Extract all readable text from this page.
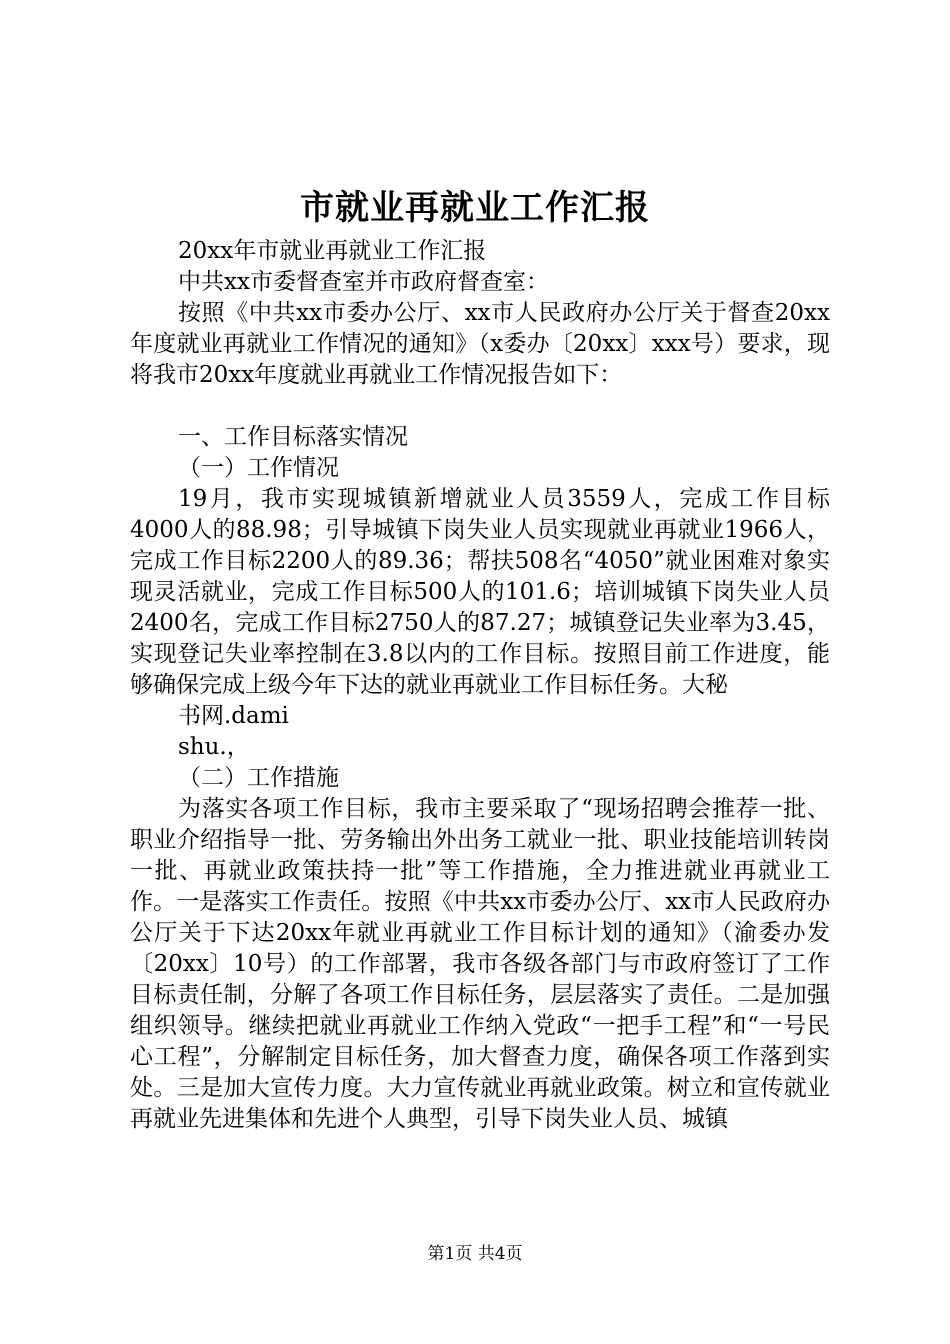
市就业再就业工作汇报

20xx年市就业再就业工作汇报

中共xx市委督查室并市政府督查室：

按照《中共xx市委办公厅、xx市人民政府办公厅关于督查20xx年度就业再就业工作情况的通知》（x委办〔20xx〕xxx号）要求，现将我市20xx年度就业再就业工作情况报告如下：

一、工作目标落实情况

（一）工作情况

19月，我市实现城镇新增就业人员3559人，完成工作目标4000人的88.98；引导城镇下岗失业人员实现就业再就业1966人，完成工作目标2200人的89.36；帮扶508名“4050”就业困难对象实现灵活就业，完成工作目标500人的101.6；培训城镇下岗失业人员2400名，完成工作目标2750人的87.27；城镇登记失业率为3.45，实现登记失业率控制在3.8以内的工作目标。按照目前工作进度，能够确保完成上级今年下达的就业再就业工作目标任务。大秘

书网.dami

shu.，

（二）工作措施

为落实各项工作目标，我市主要采取了“现场招聘会推荐一批、职业介绍指导一批、劳务输出外出务工就业一批、职业技能培训转岗一批、再就业政策扶持一批”等工作措施，全力推进就业再就业工作。一是落实工作责任。按照《中共xx市委办公厅、xx市人民政府办公厅关于下达20xx年就业再就业工作目标计划的通知》（渝委办发〔20xx〕10号）的工作部署，我市各级各部门与市政府签订了工作目标责任制，分解了各项工作目标任务，层层落实了责任。二是加强组织领导。继续把就业再就业工作纳入党政“一把手工程”和“一号民心工程”，分解制定目标任务，加大督查力度，确保各项工作落到实处。三是加大宣传力度。大力宣传就业再就业政策。树立和宣传就业再就业先进集体和先进个人典型，引导下岗失业人员、城镇

第1页 共4页
